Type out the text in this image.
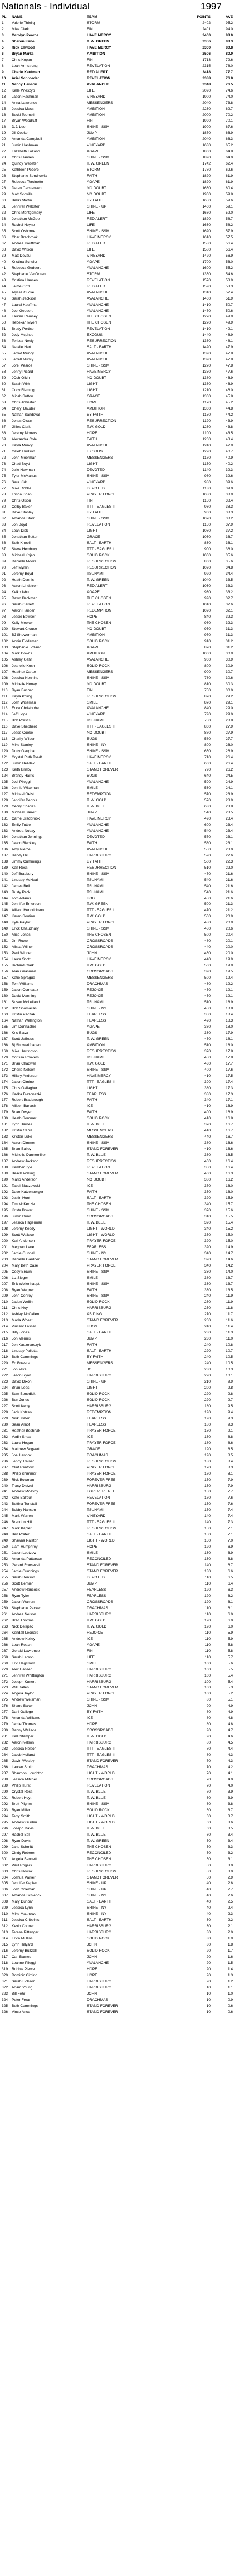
Nationals - Individual	1997
PL	NAME	TEAM	POINTS	AVE
1	Valerie Thielig	STORM	2402	95.2
2	Mike Clark	FIN	2401	94.0
3	Carolyn Pearce	HAVE MERCY	2400	88.0
4	Sharon Kane	T. W. GREEN	2356	88.3
5	Rick Ellwood	HAVE MERCY	2360	80.8
6	Bryan Marks	AMBITION	2506	80.9
7	Chris Kopan	FIN	1713	79.6
8	Leah Armstrong	REVELATION	2315	78.0
9	Cherie Kaufman	RED ALERT	2418	77.7
10	Ariel Schroeder	REVELATION	2388	76.8
11	Nancy Hanson	AVALANCHE	2348	76.5
12	Kelle Wieszyp	LIFE	2090	74.6
13	Jason Hashman	VINEYARD	1900	74.0
14	Anna Lawrence	MESSENGERS	2040	73.8
15	Jessica Mass	AMBITION	2230	69.7
16	Becki Toomblin	AMBITION	2000	70.2
17	Bryan Woodruff	FIN	1990	70.1
18	D.J. Lee	SHINE - SSM	1900	67.6
19	Jill Cooke	JUMP	1870	66.9
20	Amanda Campbell	AMBITION	2040	66.3
21	Justin Hashman	VINEYARD	1630	65.2
22	Elizabeth Lozano	AGAPE	1800	64.8
23	Chris Hansen	SHINE - SSM	1890	64.0
24	Quincy Webster	T. W. GREEN	1742	62.4
25	Kathleen Pecore	STORM	1780	62.6
26	Stephanie Sendrowitz	FAITH	1820	61.9
27	Rebecca Tercinotto	AGAPE	1820	61.9
28	Daren Carstensen	NO DOUBT	1660	60.4
29	Matt Scoville	NO DOUBT	1900	59.8
30	Bekki Martin	BY FAITH	1650	59.6
31	Jennifer Webster	SHINE - UP	1460	59.1
32	Chris Montgomery	LIFE	1660	59.0
33	Jonathon McGee	RED ALERT	1820	58.7
34	Rachel Hoyne	LIFE	1630	58.2
35	Scott Osborne	SHINE - SSM	1620	57.9
36	Char Bradbrook	HAVE MERCY	1610	57.5
37	Andrea Kauffman	RED ALERT	1580	56.4
38	David Wilson	LIFE	1580	56.4
39	Matt Devaul	VINEYARD	1420	56.9
40	Kristina Schultz	AGAPE	1700	56.0
41	Rebecca Geddert	AVALANCHE	1600	55.2
42	Stephanie VanDoren	STORM	1350	54.6
43	Cristina Hansen	REVELATION	1570	53.9
44	Jaime Ortiz	RED ALERT	1590	53.3
45	Alyssa Gucke	AVALANCHE	1310	52.4
46	Sarah Jackson	AVALANCHE	1460	51.9
47	Laurel Kauffman	AVALANCHE	1410	50.7
48	Joel Geddert	AVALANCHE	1470	50.6
49	Lauren Ramsey	THE CHOSEN	1270	49.9
50	Rebekah Myers	THE CHOSEN	1270	49.9
51	Brady Portice	REVELATION	1410	49.1
52	Jody Mcphee	EXODUS	1440	48.9
53	Terissa Neely	RESURRECTION	1360	48.1
54	Natalie Hart	SALT - EARTH	1420	47.9
55	Jarrad Muncy	AVALANCHE	1390	47.8
56	Jarrell Muncy	AVALANCHE	1390	47.8
57	Jorel Pearce	SHINE - SSM	1270	47.8
58	Jenny Picard	HAVE MERCY	1350	47.6
59	JOsh Olkin	NO DOUBT	1380	46.9
60	Sarah Wirk	LIGHT	1360	46.9
61	Cody Fleming	LIGHT	1210	46.0
62	Micah Sutton	GRACE	1360	45.8
63	Chris Johnston	HOPE	1170	45.2
64	Cheryl Bauder	AMBITION	1360	44.8
65	Nathan Sandoval	BY FAITH	1150	44.2
66	Jonas Olsen	RESURRECTION	1120	43.9
67	Gilles Clark	T.W. GOLD	1260	43.8
68	Jeremy Mooers	HOPE	1100	43.5
69	Alexandra Cole	FAITH	1260	43.4
70	Kayla Muncy	AVALANCHE	1240	42.9
71	Caleb Hudson	EXODUS	1220	40.7
72	John Moorman	MESSENGERS	1170	40.9
73	Chad Boyd	LIGHT	1150	40.2
74	Julie Newman	DEVOTED	1140	39.3
75	Tyler McManus	SHINE - SSM	980	39.6
76	Sara Kirk	VINEYARD	980	39.6
77	Mike Robbe	DEVOTED	1130	39.0
78	Trisha Doan	PRAYER FORCE	1080	38.9
79	Chris Olson	FIN	1150	38.4
80	Colby Baker	TTT - EAGLES II	960	38.3
81	Dave Stanley	BY FAITH	960	38.3
82	Amanda Starr	SHINE - SSM	1070	38.2
83	Jon Boyd	REVELATION	1150	37.9
84	Leah Dick	LIGHT	1080	37.2
85	Jonathan Sutton	GRACE	1060	36.7
86	Seth Knoell	SALT - EARTH	830	36.1
87	Steve Hembury	TTT - EAGLES I	900	36.0
88	Michael Kojah	SOLID ROCK	1000	35.6
89	Danielle Moore	RESURRECTION	860	35.6
90	Jeff Myrrin	RESURRECTION	1020	34.8
91	Jeremy Boyd	TSUNAMI	920	34.4
92	Heath Dennis	T. W. GREEN	1040	33.5
93	Aaron Lindstrom	RED ALERT	1030	33.3
94	Keiko Ishu	AGAPE	930	33.2
95	Dawn Beckman	THE CHOSEN	990	32.7
96	Sarah Garrett	REVELATION	1010	32.6
97	Aaron Hander	REDEMPTION	1020	32.1
98	Jessie Bowser	HOPE	840	32.3
99	Kelly Meeker	THE CHOSEN	960	32.3
100	Stewart Crouse	NO DOUBT	950	31.3
101	BJ Showerman	AMBITION	970	31.3
102	Annie Fiddaman	SOLID ROCK	910	31.2
103	Stephanie Lozano	AGAPE	870	31.2
104	Mark Downs	AMBITION	1000	30.9
105	Ashley Gahr	AVALANCHE	960	30.9
106	Jeanelle Kosh	SOLID ROCK	800	30.9
107	Heather Carter	MESSENGERS	900	30.7
108	Jessica Nenning	SHINE - SSM	760	30.6
109	Michelle Honey	NO DOUBT	810	30.3
110	Ryan Buchar	FIN	750	30.0
111	Kayla Poling	RESURRECTION	870	29.2
112	Josh Wiseman	SMILE	870	29.1
113	Erica Christophe	AVALANCHE	840	29.0
114	Jeff Hoge	VINEYARD	790	29.0
115	Bob Prestis	TSUNAMI	750	28.8
116	Dave Shepherd	TTT - EAGLES II	860	27.9
117	Jesse Cooke	NO DOUBT	870	27.9
118	Charlly Wilbur	BUGS	580	27.7
119	Mike Stanley	SHINE - NY	800	26.0
120	Dotty Gaughan	SHINE - SSM	650	26.9
121	Crystal Ruth Toedt	HAVE MERCY	710	26.4
122	Justin Bezdek	SALT - EARTH	660	26.4
123	Keith Brisby	STAND FOREVER	720	26.2
124	Brandy Harris	BUGS	640	24.5
125	Jodi Pileggi	AVALANCHE	590	24.9
126	Jennie Wiseman	SMILE	530	24.1
127	Michael Geist	REDEMPTION	570	23.9
128	Jennifer Dennis	T. W. GOLD	570	23.9
129	Cecily Charles	T. W. BLUE	630	23.8
130	Michael Barrett	JUMP	540	23.5
131	Carrie Bradbrook	HAVE MERCY	490	23.4
132	Emily Tuttle	AVALANCHE	600	23.4
133	Andrea Nobay	AVALANCHE	540	23.4
134	Jonathan Jennings	DEVOTED	570	23.1
135	Jason Blackley	FAITH	580	23.1
136	Amy Pierce	AVALANCHE	550	23.0
137	Randy Hill	HARRISBURG	520	22.6
138	Jimmy Cummings	BY FAITH	500	22.3
139	Karl Ross	RESURRECTION	510	22.0
140	Jeff Bradbury	SHINE - SSM	470	21.6
141	Lindsay McNeal	TSUNAMI	540	21.6
142	James Bell	TSUNAMI	540	21.6
143	Rusty Pack	TSUNAMI	540	21.6
144	Tom Adams	BOB	450	21.6
145	Jennifer Emerson	T.W. GREEN	500	21.3
146	Allison Hendrickson	TTT - EAGLES I	470	21.2
147	Karen Soutine	T.W. GOLD	500	20.9
148	Kyle Paylor	PRAYER FORCE	480	20.9
149	Erick Chaudhary	SHINE - SSM	480	20.6
150	Alice Jones	THE CHOSEN	500	20.4
151	Jim Rowe	CROSSROADS	480	20.1
152	Alissa Wilner	CROSSROADS	440	20.0
153	Paul Winder	JOHN	460	20.0
154	Laura Scott	HAVE MERCY	440	19.9
155	Richard Clark	T.W. GOLD	500	19.9
156	Alan Geasman	CROSSROADS	390	19.5
157	Katie Sprague	MESSENGERS	500	19.4
158	Tom Williams	DRACHMAS	460	19.2
159	Jason Comeaux	REJOICE	450	19.1
160	David Manning	REJOICE	450	19.1
161	Susan McLelland	TSUNAMI	510	18.9
162	Bob Shomacas	SHINE - NY	450	18.8
163	Kristin Paczak	FEARLESS	350	18.4
164	Nathan Wellington	FEARLESS	420	18.3
165	Jim Donnachie	AGAPE	360	18.0
166	Kris Slava	BUGS	330	17.9
167	Scott Jeffress	T. W. GREEN	450	18.1
168	Bj Showerlfhagen	AMBITION	510	18.0
169	Mike Harrington	RESURRECTION	370	17.8
170	Corissa Roovers	TSUNAMI	450	17.8
171	Brian Chadwell	T.W. GOLD	430	17.7
172	Cherie Nelson	SHINE - SSM	400	17.6
173	Hillary Anderson	HAVE MERCY	410	17.5
174	Jason Cimino	TTT - EAGLES II	390	17.4
175	Chris Gallagher	LIGHT	380	17.3
176	Kadka Biezonezki	FEARLESS	380	17.3
177	Robert Bradbrough	FAITH	340	17.1
178	Allisen Banash	ICE	410	16.9
179	Brian Dwyer	FAITH	400	16.9
180	Heath Sommer	SOLID ROCK	410	16.8
181	Lynn Barnes	T. W. BLUE	370	16.7
182	Kristin Cahill	MESSENGERS	410	16.7
183	Kristen Luke	MESSENGERS	440	16.7
184	Aaron Dimmer	SHINE - SSM	380	16.6
185	Brian Bailey	STAND FOREVER	410	16.6
186	Michelle Dannemiller	T. W. BLUE	360	16.5
187	Andrew Jackson	RESURRECTION	400	16.4
188	Kember Lyle	REVELATION	350	16.4
189	Beach Walling	STAND FOREVER	400	16.3
190	Mario Anderson	NO DOUBT	380	16.2
191	Tabbi Blaczewski	ICE	370	16.0
192	Dave Katzenberger	FAITH	350	16.0
193	Justin Hunt	SALT - EARTH	320	15.9
194	Tim McKenzie	THE CHOSEN	340	15.7
195	Krista Bower	SHINE - SSM	370	15.6
196	Justin Dunn	CROSSROADS	310	15.5
197	Jessica Hagerman	T. W. BLUE	320	15.4
198	Jeremy Keddy	LIGHT - WORLD	340	15.2
199	Scott Wallace	LIGHT - WORLD	350	15.0
200	Karl Anderson	PRAYER FORCE	320	15.0
201	Meghan Lane	FEARLESS	320	14.9
202	Jamie Gunnell	SHINE - NY	340	14.7
203	Danielle Gardner	STAND FOREVER	320	14.6
204	Mary Beth Case	PRAYER FORCE	340	14.2
205	Cody Brown	SHINE - SSM	330	14.0
206	Liz Sieger	SMILE	380	13.7
207	Erik Wollenhaupt	SHINE - SSM	330	13.7
208	Ryan Wagner	FAITH	330	13.5
209	John Conroy	SHINE - SSM	240	11.9
210	Jaden Wellin	SOLID ROCK	260	11.9
211	Chris Hoy	HARRISBURG	250	11.8
212	Ashley McCallen	ABIDING	270	11.7
213	Marla Wheat	STAND FOREVER	260	11.6
214	Vincent Lasser	BUGS	240	11.4
215	Billy Jones	SALT - EARTH	230	11.3
216	Jon Mermis	JUMP	230	11.0
217	Jen Kaezmarczyk	FAITH	240	10.8
218	Lindsay Pallotta	SALT - EARTH	220	10.7
219	Beth Cummings	BY FAITH	240	10.5
220	Ed Bowers	MESSENGERS	240	10.5
221	Jon Mike	JO	230	10.3
222	Jason Ryan	HARRISBURG	220	10.1
223	David Dixon	SHINE - UP	210	9.9
224	Brian Lees	LIGHT	200	9.8
225	Sam Benedick	SOLID ROCK	220	9.8
226	Ben Jones	SOLID ROCK	220	9.7
227	Scott Kerry	HARRISBURG	180	9.5
228	Jack Kotzen	REDEMPTION	190	9.4
229	Nikki Kafer	FEARLESS	190	9.3
230	Sean Arnot	FEARLESS	180	9.3
231	Heather Boshnak	PRAYER FORCE	180	9.1
232	Vedin Shea	ICE	160	8.8
233	Laura Hogan	PRAYER FORCE	180	8.6
234	Matthew Bogaert	GRACE	190	8.5
235	Joel Lennox	DRACHMAS	190	8.5
236	Jenny Trainer	RESURRECTION	180	8.4
237	Clint Renfrow	PRAYER FORCE	170	8.3
238	Philip Shimmer	PRAYER FORCE	170	8.1
239	Rick Bowman	FOREVER FREE	150	7.9
240	Tracy Dietzel	HARRISBURG	150	7.9
241	Andrew McAvoy	FOREVER FREE	150	7.7
242	Kate Balfour	REVELATION	170	7.6
243	Bettina Tunstall	FOREVER FREE	150	7.6
244	Bobby Nanson	TSUNAMI	150	7.4
245	Mark Warren	VINEYARD	140	7.4
246	Brandon Hill	TTT - EAGLES II	140	7.3
247	Mark Kapler	RESURRECTION	150	7.1
248	Ben Prater	SALT - EARTH	150	7.1
249	Shawna Ralston	LIGHT - WORLD	150	7.0
250	Liam Humphrey	HOPE	120	6.9
251	Jason Leetzow	SMILE	130	6.9
252	Amanda Patterson	RECONCILED	130	6.8
253	Gerard Roosevelt	STAND FOREVER	140	6.7
254	Jamie Cumnings	STAND FOREVER	130	6.6
255	Sarah Benson	DEVOTED	110	6.5
256	Scott Bernier	JUMP	110	6.4
257	Andrew Hancock	FEARLESS	120	6.3
258	Ryan Tyler	FEARLESS	120	6.2
259	Jason Warren	CROSSROADS	120	6.1
260	Stephanie Packer	DRACHMAS	110	6.1
261	Andrea Nelson	HARRISBURG	110	6.0
262	Brad Thomas	T.W. GOLD	120	6.0
263	Nick Delspac	T. W. GOLD	120	6.0
264	Kendall Leonard	REJOICE	110	5.9
265	Andrew Kelley	ICE	110	5.9
266	Leah Roach	AGAPE	110	5.8
267	Gerald Lawrence	FIN	110	5.8
268	Sarah Larson	LIFE	110	5.7
269	Eric Hagstrom	SMILE	100	5.6
270	Alex Hansen	HARRISBURG	100	5.5
271	Jennifer Whittington	HARRISBURG	100	5.4
272	Joseph Kunert	HARRISBURG	100	5.4
273	Will Ballen	STAND FOREVER	100	5.3
274	Angela Taylor	PRAYER FORCE	100	5.2
275	Andrew Weisman	SHINE - SSM	80	5.1
276	Shane Baker	JOHN	90	4.9
277	Dani Gallego	BY FAITH	80	4.9
278	Amanda Williams	ICE	80	4.8
279	Jamie Thomas	HOPE	80	4.8
280	Danny Wallace	CROSSROADS	90	4.7
281	Kelli Stamper	T. W. GOLD	90	4.6
282	Aaron Nelson	HARRISBURG	80	4.5
283	Jessica Nelson	TTT - EAGLES II	80	4.4
284	Jacob Holland	TTT - EAGLES II	80	4.3
285	Gavin Wesley	STAND FOREVER	70	4.3
286	Lauren Smith	DRACHMAS	70	4.2
287	Sharmon Houghton	LIGHT - WORLD	70	4.1
288	Jessica Mitchell	CROSSROADS	70	4.0
289	Philip Hurst	REVELATION	70	4.0
290	Crystal Ross	T. W. BLUE	70	3.9
291	Robert Hoyt	T. W. BLUE	60	3.9
292	Brett Pilgrim	SHINE - SSM	60	3.8
293	Ryan Miller	SOLID ROCK	60	3.7
294	Terry Smith	LIGHT - WORLD	60	3.7
295	Andrew Guiden	LIGHT - WORLD	60	3.6
296	Joseph Davis	T. W. BLUE	60	3.5
297	Rachel Bell	T. W. BLUE	60	3.4
298	Ryan Davis	T. W. GREEN	50	3.4
299	Jane Schmitt	THE CHOSEN	50	3.3
300	Cindy Reberer	RECONCILED	50	3.2
301	Angela Bennett	THE CHOSEN	50	3.1
302	Paul Rogers	HARRISBURG	50	3.0
303	Chris Nowak	RESURRECTION	50	3.0
304	Joshua Parker	STAND FOREVER	50	2.9
305	Jennifer Kaplan	SHINE - UP	40	2.8
306	Josh Coleman	SHINE - UP	40	2.7
307	Amanda Schienck	SHINE - NY	40	2.6
308	Mary Dunbar	SALT - EARTH	40	2.5
309	Jessica Lynn	SHINE - NY	40	2.4
310	Mike Matthews	SHINE - NY	40	2.3
311	Jessica Cribbinis	SALT - EARTH	30	2.2
312	Kevin Conner	HARRISBURG	30	2.1
313	Teresa Rittenger	HARRISBURG	30	2.0
314	Erica Mullins	SOLID ROCK	30	1.9
315	Lynn Hillyard	JOHN	30	1.8
316	Jeremy Buzzelli	SOLID ROCK	20	1.7
317	Carl Barnes	JOHN	20	1.6
318	Leanne Pileggi	AVALANCHE	20	1.5
319	Robbie Pierce	HOPE	20	1.4
320	Dominic Cimino	HOPE	20	1.3
321	Sarah Hobson	HARRISBURG	20	1.2
322	Adam Young	HARRISBURG	10	1.1
323	Bill Fehr	JOHN	10	1.0
324	Peter Frear	DRACHMAS	10	0.9
325	Beth Cummings	STAND FOREVER	10	0.6
326	Vince Ance	STAND FOREVER	10	0.6
